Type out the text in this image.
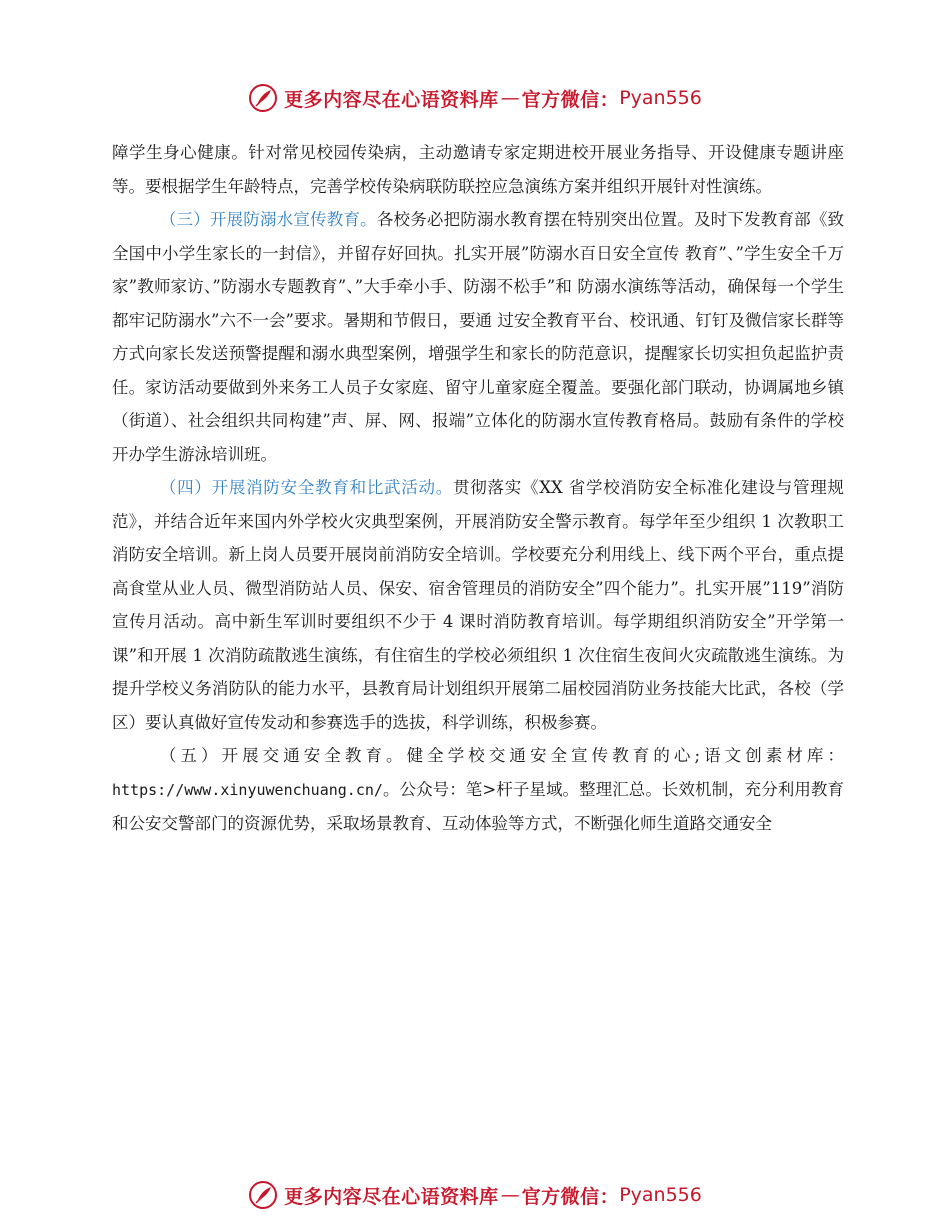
更多内容尽在心语资料库 — 官方微信： Pyan556

障学生身心健康。针对常见校园传染病，主动邀请专家定期进校开展业务指导、开设健康专题讲座等。要根据学生年龄特点，完善学校传染病联防联控应急演练方案并组织开展针对性演练。

（三）开展防溺水宣传教育。各校务必把防溺水教育摆在特别突出位置。及时下发教育部《致全国中小学生家长的一封信》，并留存好回执。扎实开展”防溺水百日安全宣传 教育”、”学生安全千万家”教师家访、”防溺水专题教育”、”大手牵小手、防溺不松手”和 防溺水演练等活动，确保每一个学生都牢记防溺水”六不一会”要求。暑期和节假日，要通 过安全教育平台、校讯通、钉钉及微信家长群等方式向家长发送预警提醒和溺水典型案例，增强学生和家长的防范意识，提醒家长切实担负起监护责任。家访活动要做到外来务工人员子女家庭、留守儿童家庭全覆盖。要强化部门联动，协调属地乡镇（街道）、社会组织共同构建”声、屏、网、报端”立体化的防溺水宣传教育格局。鼓励有条件的学校开办学生游泳培训班。

（四）开展消防安全教育和比武活动。贯彻落实《XX 省学校消防安全标准化建设与管理规范》，并结合近年来国内外学校火灾典型案例，开展消防安全警示教育。每学年至少组织 1 次教职工消防安全培训。新上岗人员要开展岗前消防安全培训。学校要充分利用线上、线下两个平台，重点提高食堂从业人员、微型消防站人员、保安、宿舍管理员的消防安全”四个能力”。扎实开展”119”消防宣传月活动。高中新生军训时要组织不少于 4 课时消防教育培训。每学期组织消防安全”开学第一课”和开展 1 次消防疏散逃生演练，有住宿生的学校必须组织 1 次住宿生夜间火灾疏散逃生演练。为提升学校义务消防队的能力水平，县教育局计划组织开展第二届校园消防业务技能大比武，各校（学区）要认真做好宣传发动和参赛选手的选拔，科学训练，积极参赛。

（五）开展交通安全教育。健全学校交通安全宣传教育的心;语文创素材库：https://www.xinyuwenchuang.cn/。公众号：笔>杆子星域。整理汇总。长效机制，充分利用教育和公安交警部门的资源优势，采取场景教育、互动体验等方式，不断强化师生道路交通安全

更多内容尽在心语资料库 — 官方微信： Pyan556
